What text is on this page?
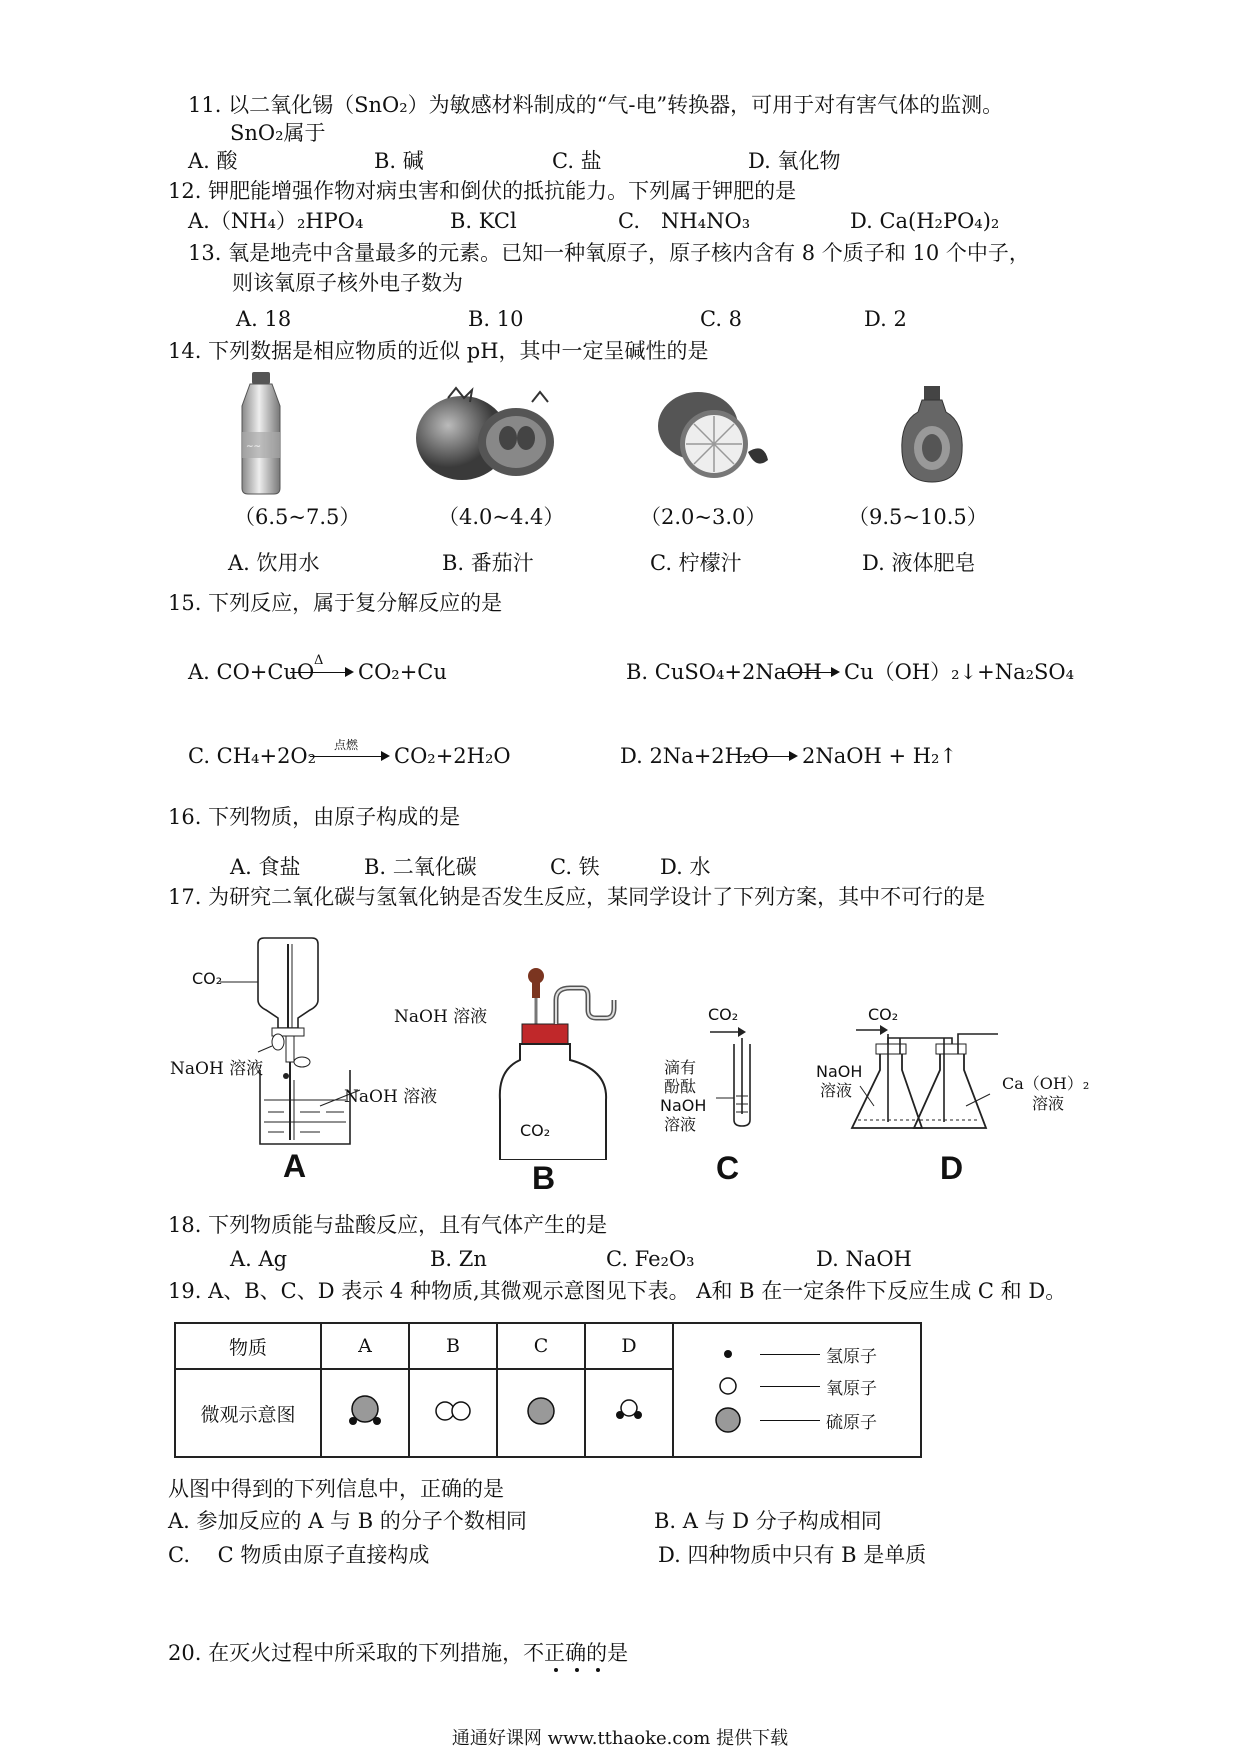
11. 以二氧化锡（SnO₂）为敏感材料制成的“气-电”转换器，可用于对有害气体的监测。
SnO₂属于
A. 酸	B. 碱	C. 盐	D. 氧化物
12. 钾肥能增强作物对病虫害和倒伏的抵抗能力。下列属于钾肥的是
A.（NH₄）₂HPO₄	B. KCl	C.　NH₄NO₃	D. Ca(H₂PO₄)₂
13. 氧是地壳中含量最多的元素。已知一种氧原子，原子核内含有 8 个质子和 10 个中子，
则该氧原子核外电子数为
A. 18	B. 10	C. 8	D. 2
14. 下列数据是相应物质的近似 pH，其中一定呈碱性的是
~~
（6.5~7.5）	（4.0~4.4）	（2.0~3.0）	（9.5~10.5）
A. 饮用水	B. 番茄汁	C. 柠檬汁	D. 液体肥皂
15. 下列反应，属于复分解反应的是
A. CO+CuO Δ CO₂+Cu	B. CuSO₄+2NaOH Cu（OH）₂↓+Na₂SO₄
C. CH₄+2O₂ 点燃 CO₂+2H₂O	D. 2Na+2H₂O 2NaOH + H₂↑
16. 下列物质，由原子构成的是
A. 食盐	B. 二氧化碳	C. 铁	D. 水
17. 为研究二氧化碳与氢氧化钠是否发生反应，某同学设计了下列方案，其中不可行的是
CO₂
NaOH 溶液
NaOH 溶液
A
NaOH 溶液
CO₂
B
CO₂
滴有
酚酞
NaOH
溶液
C
CO₂
NaOH
溶液	Ca（OH）₂
溶液
D
18. 下列物质能与盐酸反应，且有气体产生的是
A. Ag	B. Zn	C. Fe₂O₃	D. NaOH
19. A、B、C、D 表示 4 种物质,其微观示意图见下表。 A和 B 在一定条件下反应生成 C 和 D。
物质	A	B	C	D	氢原子
氧原子
硫原子

微观示意图				
从图中得到的下列信息中，正确的是
A. 参加反应的 A 与 B 的分子个数相同	B. A 与 D 分子构成相同
C.　 C 物质由原子直接构成	D. 四种物质中只有 B 是单质
20. 在灭火过程中所采取的下列措施，不正确的是
通通好课网 www.tthaoke.com 提供下载
